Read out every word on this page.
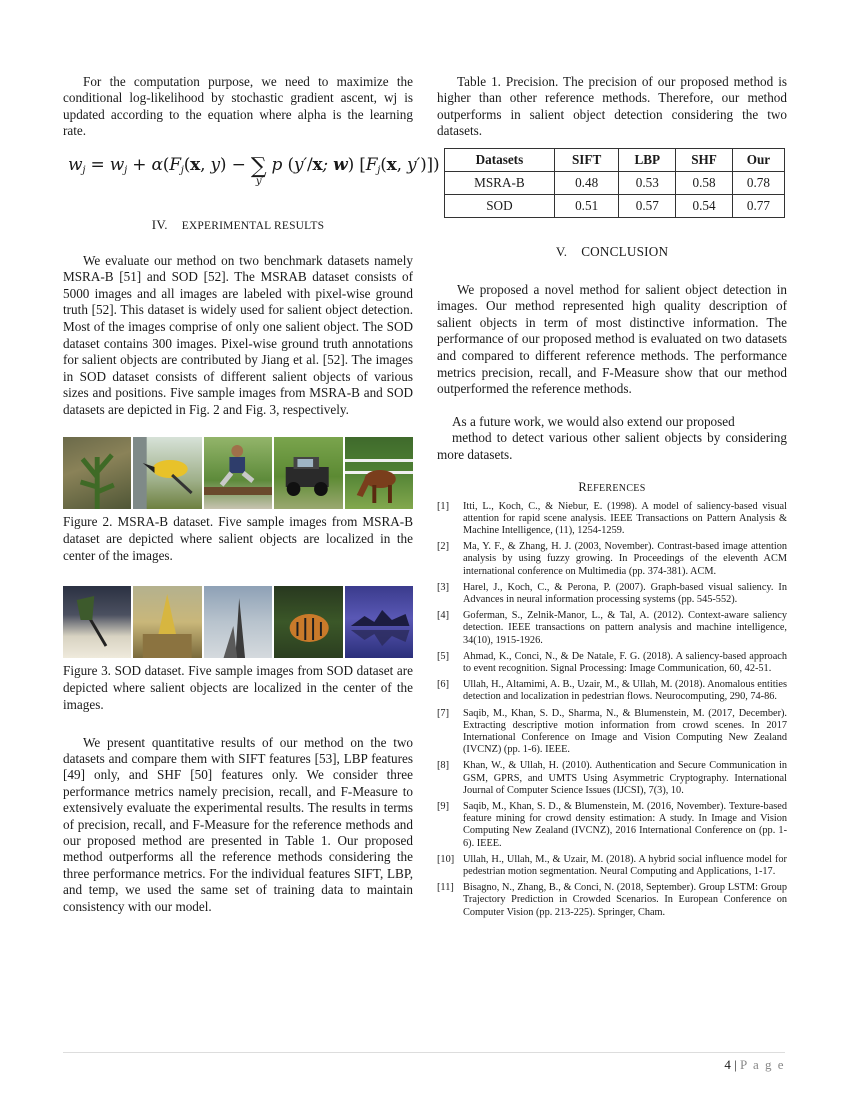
For the computation purpose, we need to maximize the conditional log-likelihood by stochastic gradient ascent, wj is updated according to the equation where alpha is the learning rate.

$w_j = w_j + \alpha(F_j(x$, y) − ∑
y′
p (y′/x; w) [$F_j(x$, y′)])
IV. EXPERIMENTAL RESULTS

We evaluate our method on two benchmark datasets namely MSRA-B [51] and SOD [52]. The MSRAB dataset consists of 5000 images and all images are labeled with pixel-wise ground truth [52]. This dataset is widely used for salient object detection. Most of the images comprise of only one salient object. The SOD dataset contains 300 images. Pixel-wise ground truth annotations for salient objects are contributed by Jiang et al. [52]. The images in SOD dataset consists of different salient objects of various sizes and positions. Five sample images from MSRA-B and SOD datasets are depicted in Fig. 2 and Fig. 3, respectively.

Figure 2. MSRA-B dataset. Five sample images from MSRA-B dataset are depicted where salient objects are localized in the center of the images.
Figure 3. SOD dataset. Five sample images from SOD dataset are depicted where salient objects are localized in the center of the images.

We present quantitative results of our method on the two datasets and compare them with SIFT features [53], LBP features [49] only, and SHF [50] features only. We consider three performance metrics namely precision, recall, and F-Measure to extensively evaluate the experimental results. The results in terms of precision, recall, and F-Measure for the reference methods and our proposed method are presented in Table 1. Our proposed method outperforms all the reference methods considering the three performance metrics. For the individual features SIFT, LBP, and temp, we used the same set of training data to maintain consistency with our model.

Table 1. Precision. The precision of our proposed method is higher than other reference methods. Therefore, our method outperforms in salient object detection considering the two datasets.

Datasets	SIFT	LBP	SHF	Our
MSRA-B	0.48	0.53	0.58	0.78
SOD	0.51	0.57	0.54	0.77
V. CONCLUSION

We proposed a novel method for salient object detection in images. Our method represented high quality description of salient objects in term of most distinctive information. The performance of our proposed method is evaluated on two datasets and compared to different reference methods. The performance metrics precision, recall, and F-Measure show that our method outperformed the reference methods.

As a future work, we would also extend our proposed
method to detect various other salient objects by considering more datasets.

REFERENCES
[1]	Itti, L., Koch, C., & Niebur, E. (1998). A model of saliency-based visual attention for rapid scene analysis. IEEE Transactions on Pattern Analysis & Machine Intelligence, (11), 1254-1259.
[2]	Ma, Y. F., & Zhang, H. J. (2003, November). Contrast-based image attention analysis by using fuzzy growing. In Proceedings of the eleventh ACM international conference on Multimedia (pp. 374-381). ACM.
[3]	Harel, J., Koch, C., & Perona, P. (2007). Graph-based visual saliency. In Advances in neural information processing systems (pp. 545-552).
[4]	Goferman, S., Zelnik-Manor, L., & Tal, A. (2012). Context-aware saliency detection. IEEE transactions on pattern analysis and machine intelligence, 34(10), 1915-1926.
[5]	Ahmad, K., Conci, N., & De Natale, F. G. (2018). A saliency-based approach to event recognition. Signal Processing: Image Communication, 60, 42-51.
[6]	Ullah, H., Altamimi, A. B., Uzair, M., & Ullah, M. (2018). Anomalous entities detection and localization in pedestrian flows. Neurocomputing, 290, 74-86.
[7]	Saqib, M., Khan, S. D., Sharma, N., & Blumenstein, M. (2017, December). Extracting descriptive motion information from crowd scenes. In 2017 International Conference on Image and Vision Computing New Zealand (IVCNZ) (pp. 1-6). IEEE.
[8]	Khan, W., & Ullah, H. (2010). Authentication and Secure Communication in GSM, GPRS, and UMTS Using Asymmetric Cryptography. International Journal of Computer Science Issues (IJCSI), 7(3), 10.
[9]	Saqib, M., Khan, S. D., & Blumenstein, M. (2016, November). Texture-based feature mining for crowd density estimation: A study. In Image and Vision Computing New Zealand (IVCNZ), 2016 International Conference on (pp. 1-6). IEEE.
[10] Ullah, H., Ullah, M., & Uzair, M. (2018). A hybrid social influence model for pedestrian motion segmentation. Neural Computing and Applications, 1-17.
[11] Bisagno, N., Zhang, B., & Conci, N. (2018, September). Group LSTM: Group Trajectory Prediction in Crowded Scenarios. In European Conference on Computer Vision (pp. 213-225). Springer, Cham.
4 | P a g e
